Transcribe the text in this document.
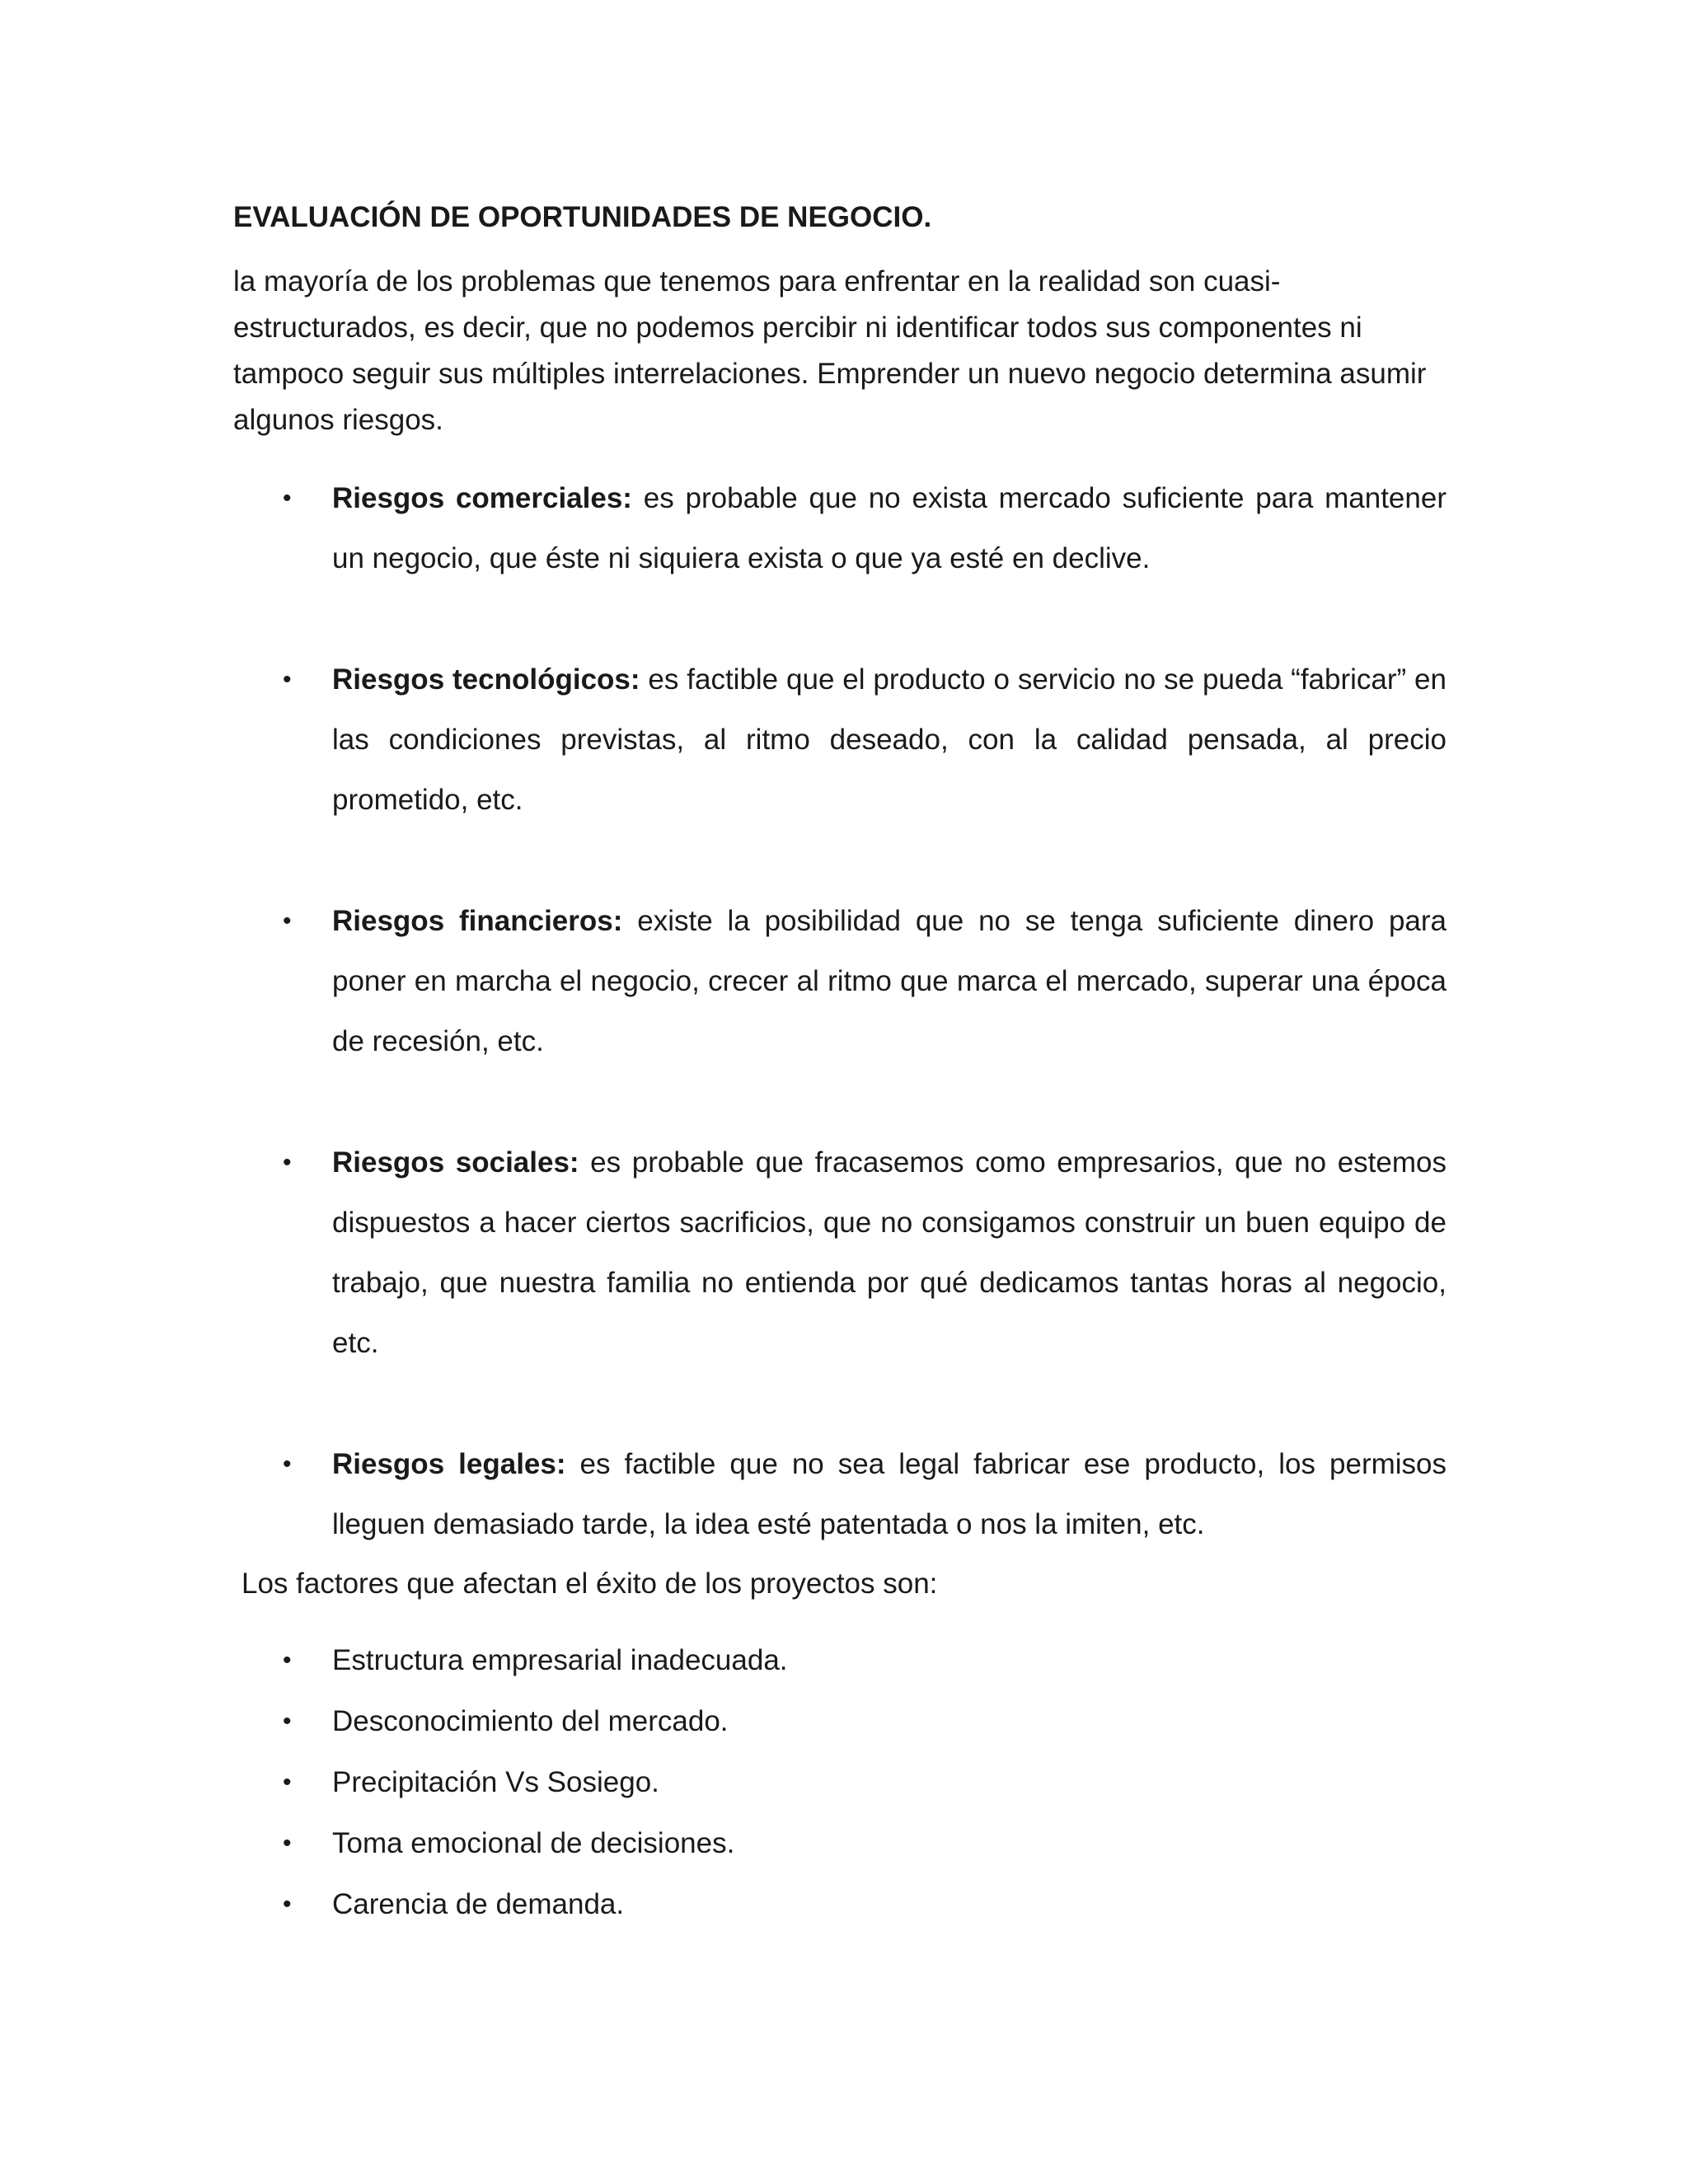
EVALUACIÓN DE OPORTUNIDADES DE NEGOCIO.

la mayoría de los problemas que tenemos para enfrentar en la realidad son cuasi-estructurados, es decir, que no podemos percibir ni identificar todos sus componentes ni tampoco seguir sus múltiples interrelaciones. Emprender un nuevo negocio determina asumir algunos riesgos.

•	Riesgos comerciales: es probable que no exista mercado suficiente para mantener un negocio, que éste ni siquiera exista o que ya esté en declive.
•	Riesgos tecnológicos: es factible que el producto o servicio no se pueda “fabricar” en las condiciones previstas, al ritmo deseado, con la calidad pensada, al precio prometido, etc.
•	Riesgos financieros: existe la posibilidad que no se tenga suficiente dinero para poner en marcha el negocio, crecer al ritmo que marca el mercado, superar una época de recesión, etc.
•	Riesgos sociales: es probable que fracasemos como empresarios, que no estemos dispuestos a hacer ciertos sacrificios, que no consigamos construir un buen equipo de trabajo, que nuestra familia no entienda por qué dedicamos tantas horas al negocio, etc.
•	Riesgos legales: es factible que no sea legal fabricar ese producto, los permisos lleguen demasiado tarde, la idea esté patentada o nos la imiten, etc.

Los factores que afectan el éxito de los proyectos son:

•	Estructura empresarial inadecuada.
•	Desconocimiento del mercado.
•	Precipitación Vs Sosiego.
•	Toma emocional de decisiones.
•	Carencia de demanda.
